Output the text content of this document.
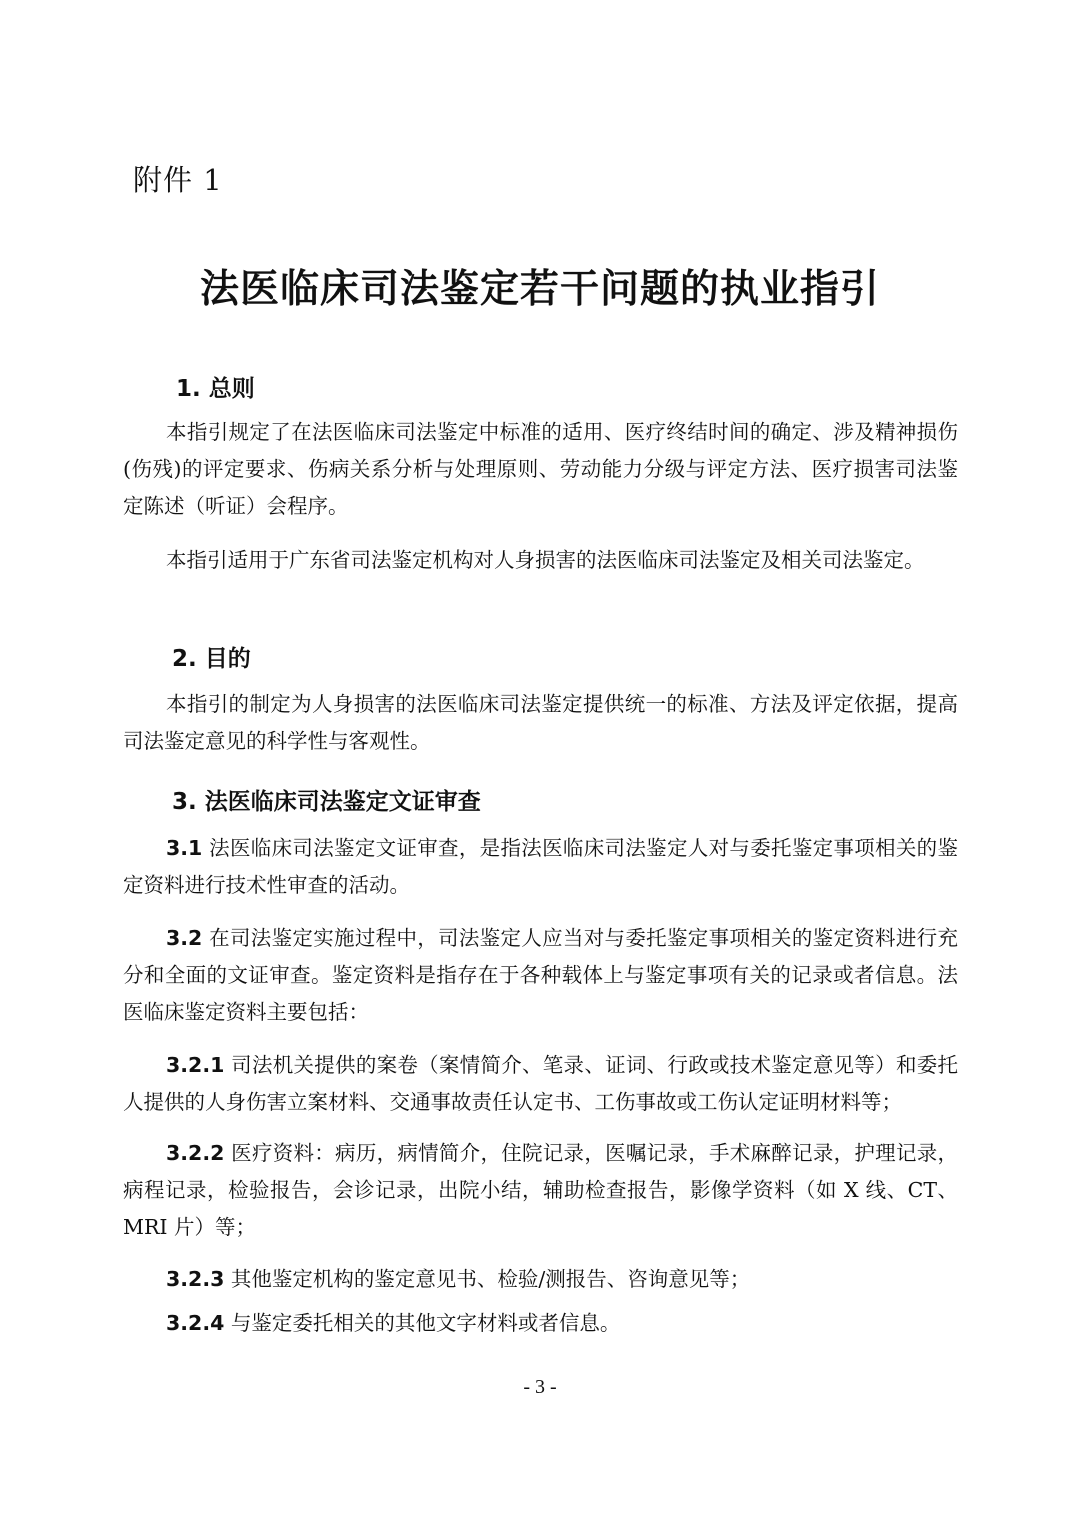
附件 1
法医临床司法鉴定若干问题的执业指引
1. 总则

本指引规定了在法医临床司法鉴定中标准的适用、医疗终结时间的确定、涉及精神损伤(伤残)的评定要求、伤病关系分析与处理原则、劳动能力分级与评定方法、医疗损害司法鉴定陈述（听证）会程序。

本指引适用于广东省司法鉴定机构对人身损害的法医临床司法鉴定及相关司法鉴定。

2. 目的

本指引的制定为人身损害的法医临床司法鉴定提供统一的标准、方法及评定依据，提高司法鉴定意见的科学性与客观性。

3. 法医临床司法鉴定文证审查

3.1 法医临床司法鉴定文证审查，是指法医临床司法鉴定人对与委托鉴定事项相关的鉴定资料进行技术性审查的活动。

3.2 在司法鉴定实施过程中，司法鉴定人应当对与委托鉴定事项相关的鉴定资料进行充分和全面的文证审查。鉴定资料是指存在于各种载体上与鉴定事项有关的记录或者信息。法医临床鉴定资料主要包括：

3.2.1 司法机关提供的案卷（案情简介、笔录、证词、行政或技术鉴定意见等）和委托人提供的人身伤害立案材料、交通事故责任认定书、工伤事故或工伤认定证明材料等；

3.2.2 医疗资料：病历，病情简介，住院记录，医嘱记录，手术麻醉记录，护理记录，病程记录，检验报告，会诊记录，出院小结，辅助检查报告，影像学资料（如 X 线、CT、MRI 片）等；

3.2.3 其他鉴定机构的鉴定意见书、检验/测报告、咨询意见等；

3.2.4 与鉴定委托相关的其他文字材料或者信息。

- 3 -
